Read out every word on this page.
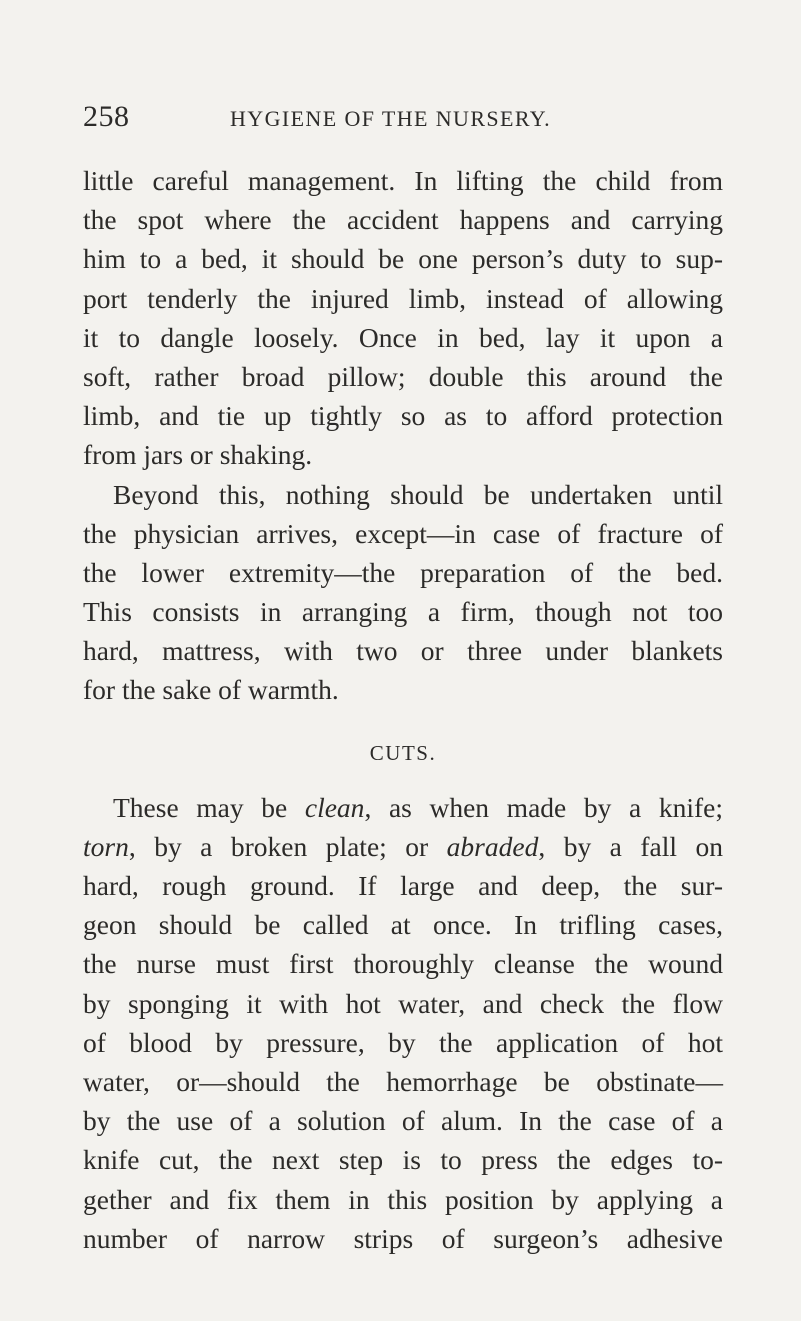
258	HYGIENE OF THE NURSERY.
little careful management. In lifting the child from
the spot where the accident happens and carrying
him to a bed, it should be one person’s duty to sup-
port tenderly the injured limb, instead of allowing
it to dangle loosely. Once in bed, lay it upon a
soft, rather broad pillow; double this around the
limb, and tie up tightly so as to afford protection
from jars or shaking.
Beyond this, nothing should be undertaken until
the physician arrives, except—in case of fracture of
the lower extremity—the preparation of the bed.
This consists in arranging a firm, though not too
hard, mattress, with two or three under blankets
for the sake of warmth.
CUTS.
These may be clean, as when made by a knife;
torn, by a broken plate; or abraded, by a fall on
hard, rough ground. If large and deep, the sur-
geon should be called at once. In trifling cases,
the nurse must first thoroughly cleanse the wound
by sponging it with hot water, and check the flow
of blood by pressure, by the application of hot
water, or—should the hemorrhage be obstinate—
by the use of a solution of alum. In the case of a
knife cut, the next step is to press the edges to-
gether and fix them in this position by applying a
number of narrow strips of surgeon’s adhesive
